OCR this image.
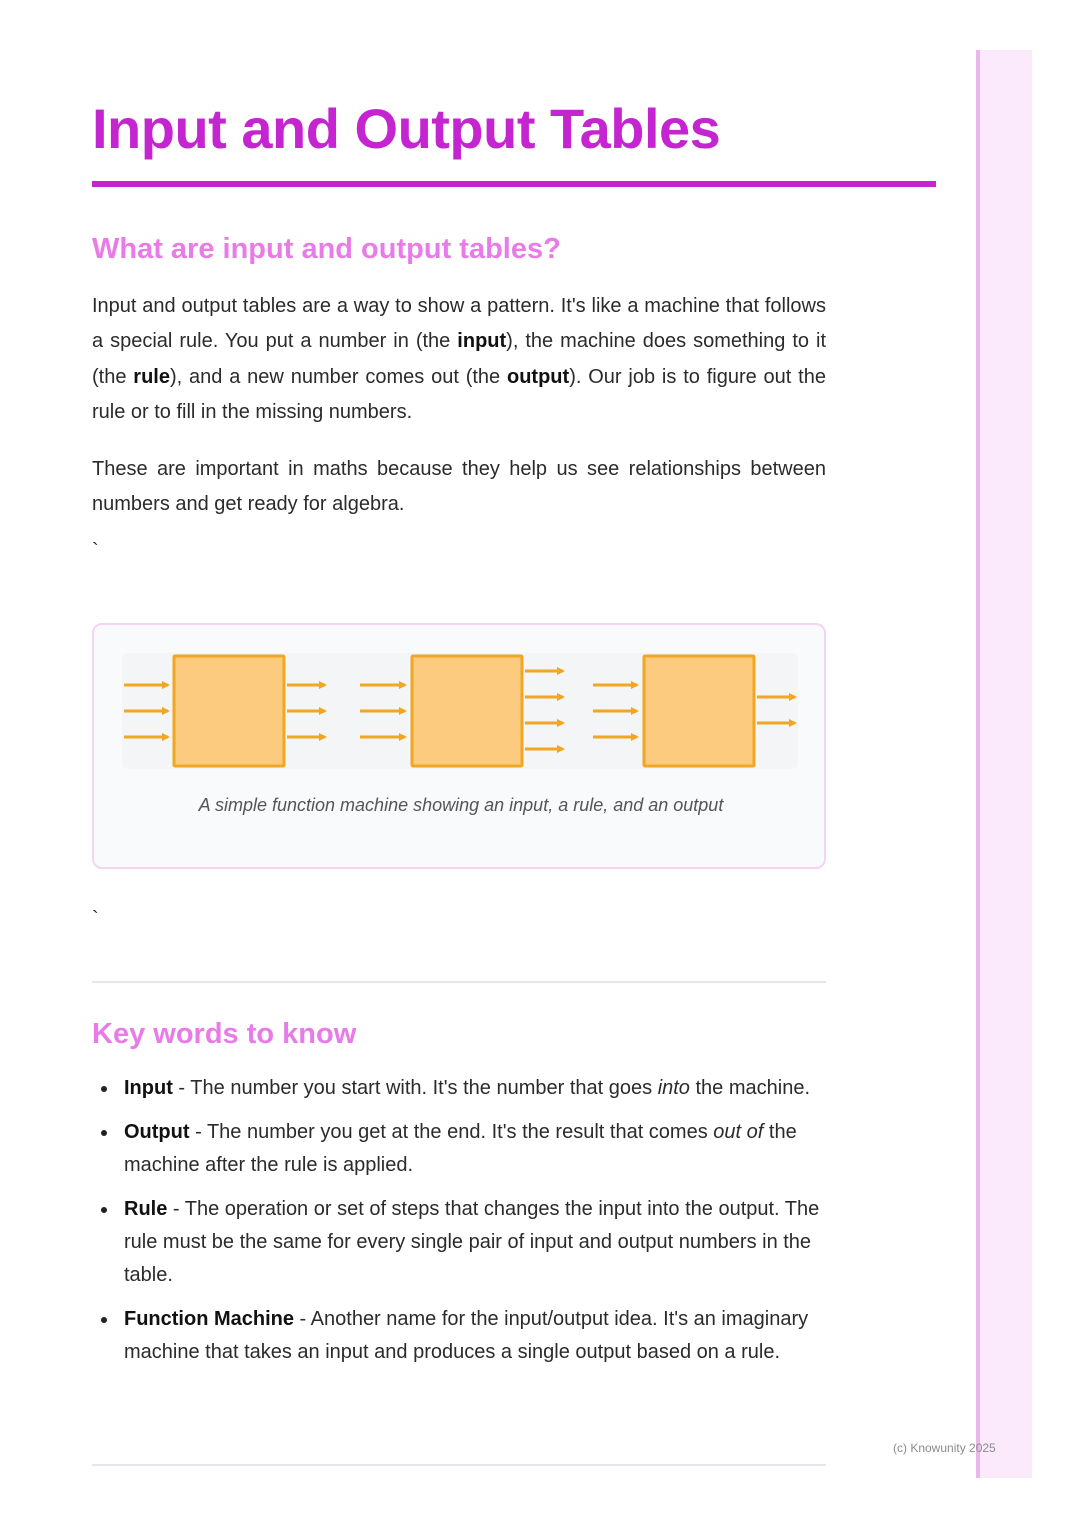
Input and Output Tables
What are input and output tables?

Input and output tables are a way to show a pattern. It's like a machine that follows a special rule. You put a number in (the input), the machine does something to it (the rule), and a new number comes out (the output). Our job is to figure out the rule or to fill in the missing numbers.

These are important in maths because they help us see relationships between numbers and get ready for algebra.

`
A simple function machine showing an input, a rule, and an output
`
Key words to know
Input - The number you start with. It's the number that goes into the machine.
Output - The number you get at the end. It's the result that comes out of the machine after the rule is applied.
Rule - The operation or set of steps that changes the input into the output. The rule must be the same for every single pair of input and output numbers in the table.
Function Machine - Another name for the input/output idea. It's an imaginary machine that takes an input and produces a single output based on a rule.
(c) Knowunity 2025
